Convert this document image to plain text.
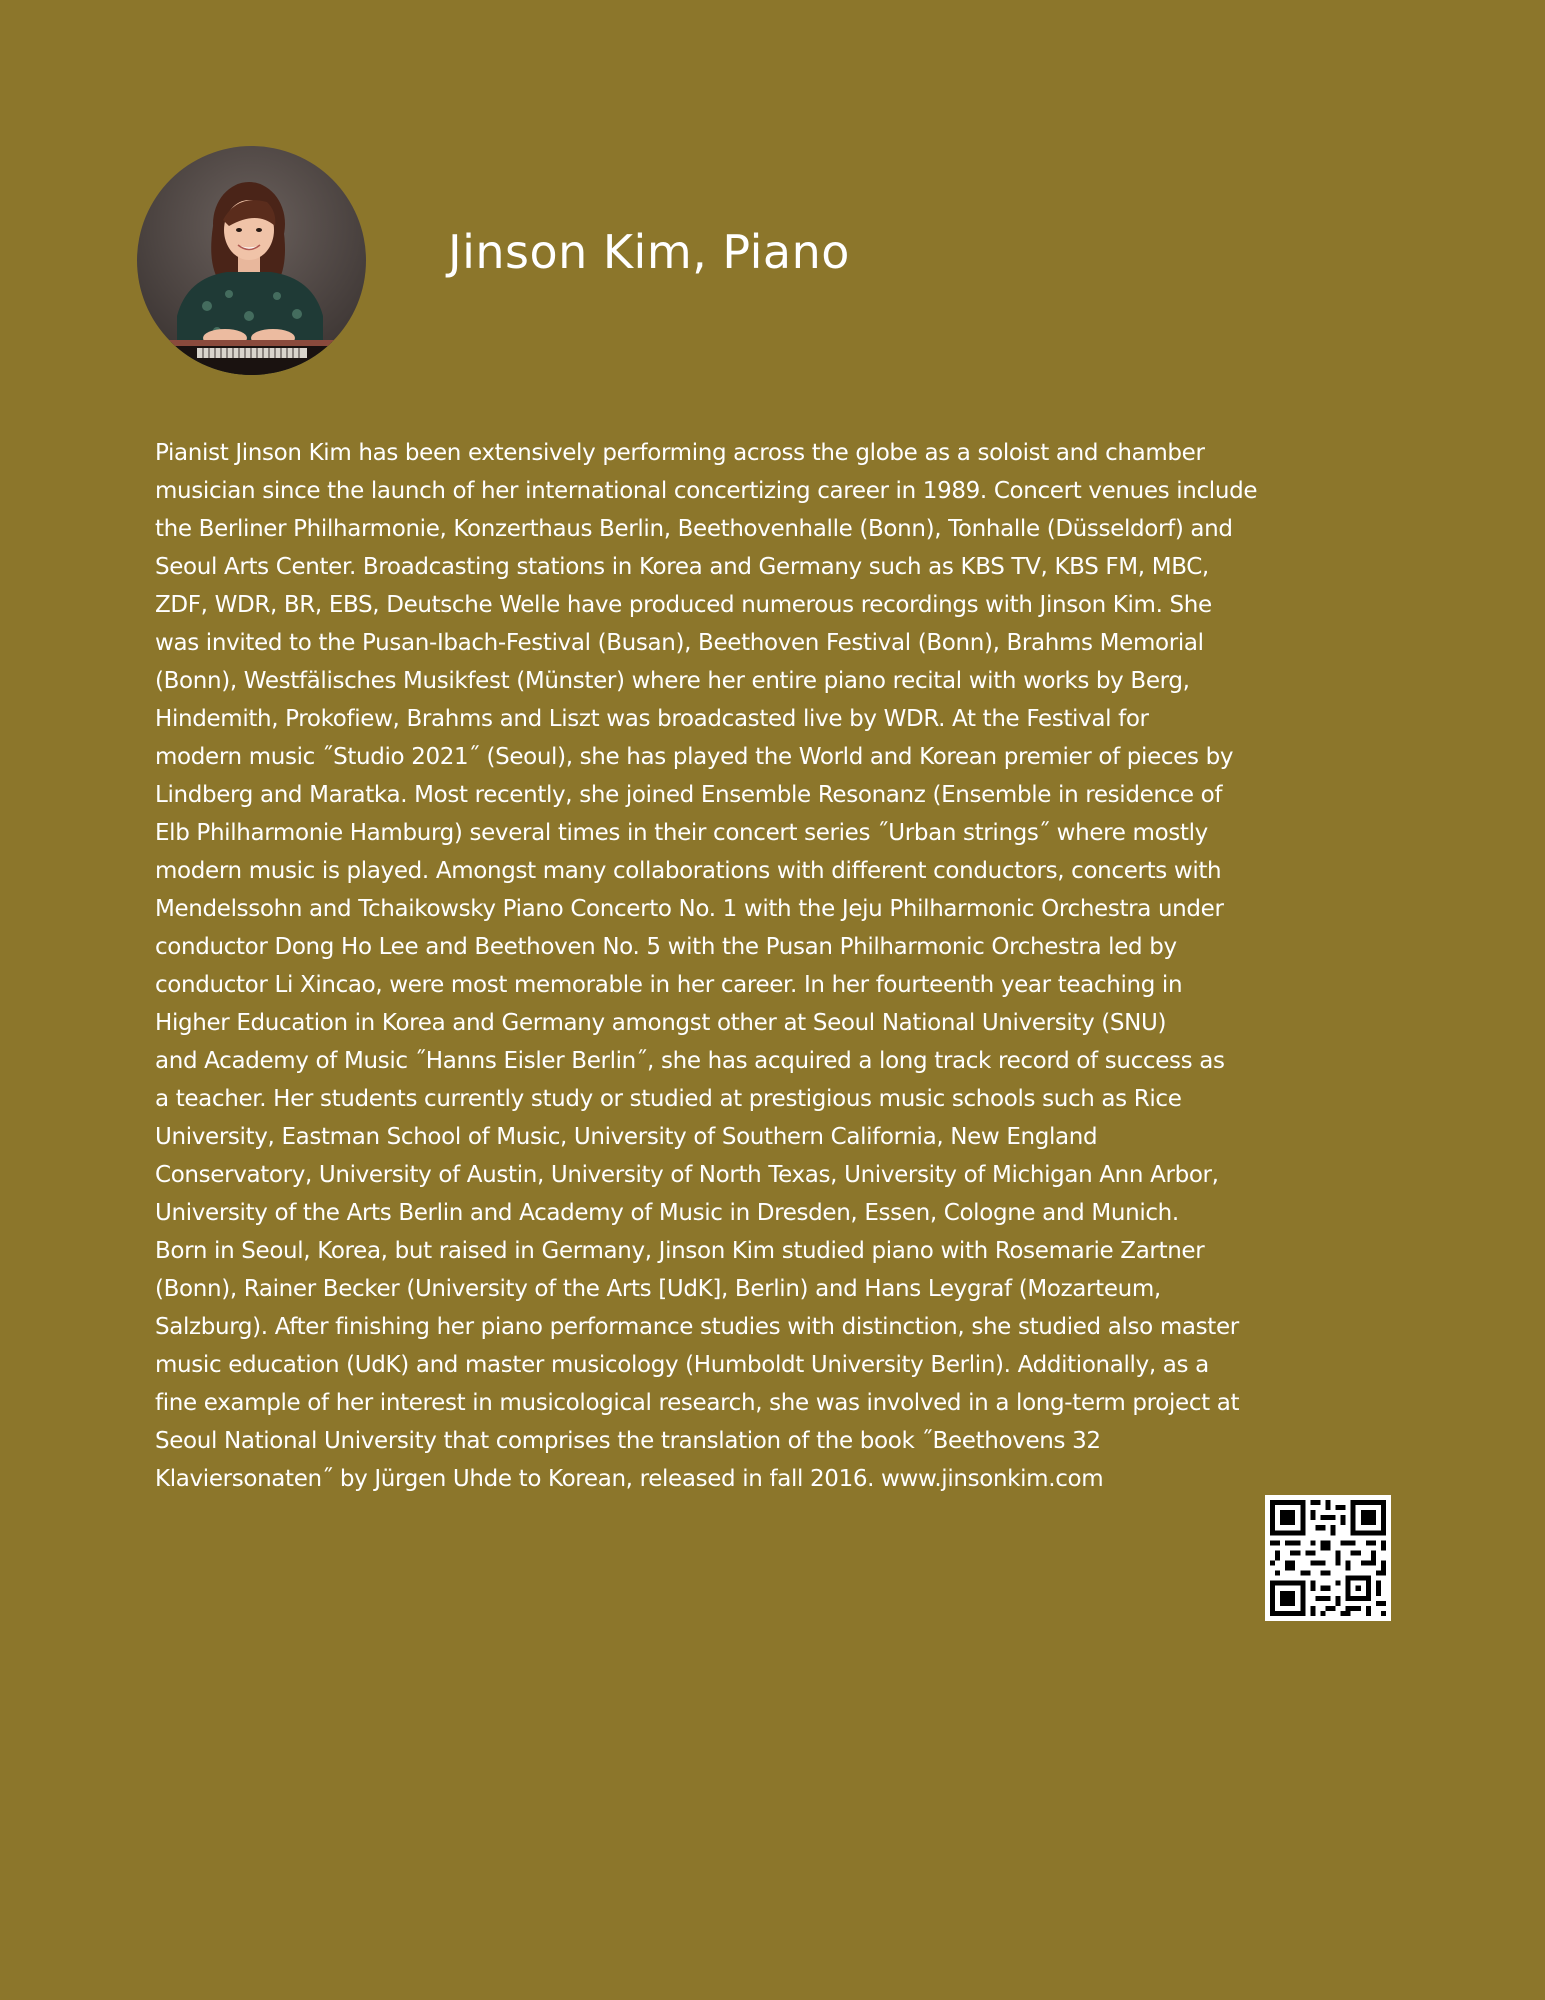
Jinson Kim, Piano
Pianist Jinson Kim has been extensively performing across the globe as a soloist and chamber
musician since the launch of her international concertizing career in 1989. Concert venues include
the Berliner Philharmonie, Konzerthaus Berlin, Beethovenhalle (Bonn), Tonhalle (Düsseldorf) and
Seoul Arts Center. Broadcasting stations in Korea and Germany such as KBS TV, KBS FM, MBC,
ZDF, WDR, BR, EBS, Deutsche Welle have produced numerous recordings with Jinson Kim. She
was invited to the Pusan-Ibach-Festival (Busan), Beethoven Festival (Bonn), Brahms Memorial
(Bonn), Westfälisches Musikfest (Münster) where her entire piano recital with works by Berg,
Hindemith, Prokofiew, Brahms and Liszt was broadcasted live by WDR. At the Festival for
modern music ˝Studio 2021˝ (Seoul), she has played the World and Korean premier of pieces by
Lindberg and Maratka. Most recently, she joined Ensemble Resonanz (Ensemble in residence of
Elb Philharmonie Hamburg) several times in their concert series ˝Urban strings˝ where mostly
modern music is played. Amongst many collaborations with different conductors, concerts with
Mendelssohn and Tchaikowsky Piano Concerto No. 1 with the Jeju Philharmonic Orchestra under
conductor Dong Ho Lee and Beethoven No. 5 with the Pusan Philharmonic Orchestra led by
conductor Li Xincao, were most memorable in her career. In her fourteenth year teaching in
Higher Education in Korea and Germany amongst other at Seoul National University (SNU)
and Academy of Music ˝Hanns Eisler Berlin˝, she has acquired a long track record of success as
a teacher. Her students currently study or studied at prestigious music schools such as Rice
University, Eastman School of Music, University of Southern California, New England
Conservatory, University of Austin, University of North Texas, University of Michigan Ann Arbor,
University of the Arts Berlin and Academy of Music in Dresden, Essen, Cologne and Munich.
Born in Seoul, Korea, but raised in Germany, Jinson Kim studied piano with Rosemarie Zartner
(Bonn), Rainer Becker (University of the Arts [UdK], Berlin) and Hans Leygraf (Mozarteum,
Salzburg). After finishing her piano performance studies with distinction, she studied also master
music education (UdK) and master musicology (Humboldt University Berlin). Additionally, as a
fine example of her interest in musicological research, she was involved in a long-term project at
Seoul National University that comprises the translation of the book ˝Beethovens 32
Klaviersonaten˝ by Jürgen Uhde to Korean, released in fall 2016. www.jinsonkim.com
